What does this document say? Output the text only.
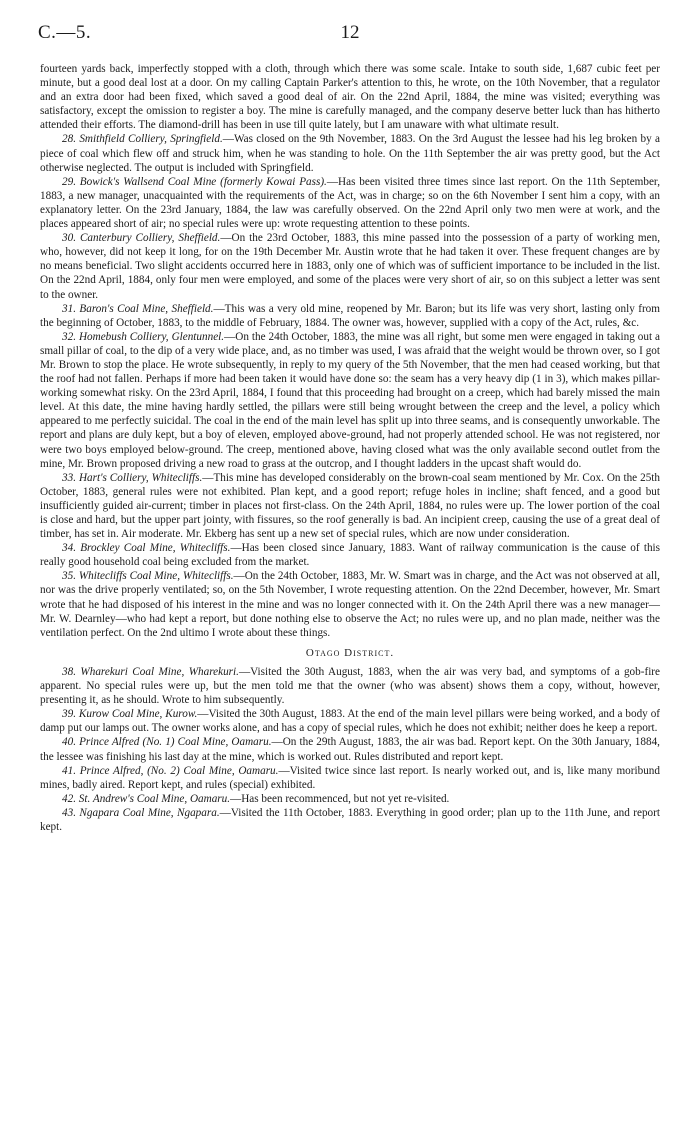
C.—5.	12

fourteen yards back, imperfectly stopped with a cloth, through which there was some scale. Intake to south side, 1,687 cubic feet per minute, but a good deal lost at a door. On my calling Captain Parker's attention to this, he wrote, on the 10th November, that a regulator and an extra door had been fixed, which saved a good deal of air. On the 22nd April, 1884, the mine was visited; everything was satisfactory, except the omission to register a boy. The mine is carefully managed, and the company deserve better luck than has hitherto attended their efforts. The diamond-drill has been in use till quite lately, but I am unaware with what ultimate result.

28. Smithfield Colliery, Springfield.—Was closed on the 9th November, 1883. On the 3rd August the lessee had his leg broken by a piece of coal which flew off and struck him, when he was standing to hole. On the 11th September the air was pretty good, but the Act otherwise neglected. The output is included with Springfield.

29. Bowick's Wallsend Coal Mine (formerly Kowai Pass).—Has been visited three times since last report. On the 11th September, 1883, a new manager, unacquainted with the requirements of the Act, was in charge; so on the 6th November I sent him a copy, with an explanatory letter. On the 23rd January, 1884, the law was carefully observed. On the 22nd April only two men were at work, and the places appeared short of air; no special rules were up: wrote requesting attention to these points.

30. Canterbury Colliery, Sheffield.—On the 23rd October, 1883, this mine passed into the possession of a party of working men, who, however, did not keep it long, for on the 19th December Mr. Austin wrote that he had taken it over. These frequent changes are by no means beneficial. Two slight accidents occurred here in 1883, only one of which was of sufficient importance to be included in the list. On the 22nd April, 1884, only four men were employed, and some of the places were very short of air, so on this subject a letter was sent to the owner.

31. Baron's Coal Mine, Sheffield.—This was a very old mine, reopened by Mr. Baron; but its life was very short, lasting only from the beginning of October, 1883, to the middle of February, 1884. The owner was, however, supplied with a copy of the Act, rules, &c.

32. Homebush Colliery, Glentunnel.—On the 24th October, 1883, the mine was all right, but some men were engaged in taking out a small pillar of coal, to the dip of a very wide place, and, as no timber was used, I was afraid that the weight would be thrown over, so I got Mr. Brown to stop the place. He wrote subsequently, in reply to my query of the 5th November, that the men had ceased working, but that the roof had not fallen. Perhaps if more had been taken it would have done so: the seam has a very heavy dip (1 in 3), which makes pillar-working somewhat risky. On the 23rd April, 1884, I found that this proceeding had brought on a creep, which had barely missed the main level. At this date, the mine having hardly settled, the pillars were still being wrought between the creep and the level, a policy which appeared to me perfectly suicidal. The coal in the end of the main level has split up into three seams, and is consequently unworkable. The report and plans are duly kept, but a boy of eleven, employed above-ground, had not properly attended school. He was not registered, nor were two boys employed below-ground. The creep, mentioned above, having closed what was the only available second outlet from the mine, Mr. Brown proposed driving a new road to grass at the outcrop, and I thought ladders in the upcast shaft would do.

33. Hart's Colliery, Whitecliffs.—This mine has developed considerably on the brown-coal seam mentioned by Mr. Cox. On the 25th October, 1883, general rules were not exhibited. Plan kept, and a good report; refuge holes in incline; shaft fenced, and a good but insufficiently guided air-current; timber in places not first-class. On the 24th April, 1884, no rules were up. The lower portion of the coal is close and hard, but the upper part jointy, with fissures, so the roof generally is bad. An incipient creep, causing the use of a great deal of timber, has set in. Air moderate. Mr. Ekberg has sent up a new set of special rules, which are now under consideration.

34. Brockley Coal Mine, Whitecliffs.—Has been closed since January, 1883. Want of railway communication is the cause of this really good household coal being excluded from the market.

35. Whitecliffs Coal Mine, Whitecliffs.—On the 24th October, 1883, Mr. W. Smart was in charge, and the Act was not observed at all, nor was the drive properly ventilated; so, on the 5th November, I wrote requesting attention. On the 22nd December, however, Mr. Smart wrote that he had disposed of his interest in the mine and was no longer connected with it. On the 24th April there was a new manager—Mr. W. Dearnley—who had kept a report, but done nothing else to observe the Act; no rules were up, and no plan made, neither was the ventilation perfect. On the 2nd ultimo I wrote about these things.

Otago District.

38. Wharekuri Coal Mine, Wharekuri.—Visited the 30th August, 1883, when the air was very bad, and symptoms of a gob-fire apparent. No special rules were up, but the men told me that the owner (who was absent) shows them a copy, without, however, presenting it, as he should. Wrote to him subsequently.

39. Kurow Coal Mine, Kurow.—Visited the 30th August, 1883. At the end of the main level pillars were being worked, and a body of damp put our lamps out. The owner works alone, and has a copy of special rules, which he does not exhibit; neither does he keep a report.

40. Prince Alfred (No. 1) Coal Mine, Oamaru.—On the 29th August, 1883, the air was bad. Report kept. On the 30th January, 1884, the lessee was finishing his last day at the mine, which is worked out. Rules distributed and report kept.

41. Prince Alfred, (No. 2) Coal Mine, Oamaru.—Visited twice since last report. Is nearly worked out, and is, like many moribund mines, badly aired. Report kept, and rules (special) exhibited.

42. St. Andrew's Coal Mine, Oamaru.—Has been recommenced, but not yet re-visited.

43. Ngapara Coal Mine, Ngapara.—Visited the 11th October, 1883. Everything in good order; plan up to the 11th June, and report kept.
